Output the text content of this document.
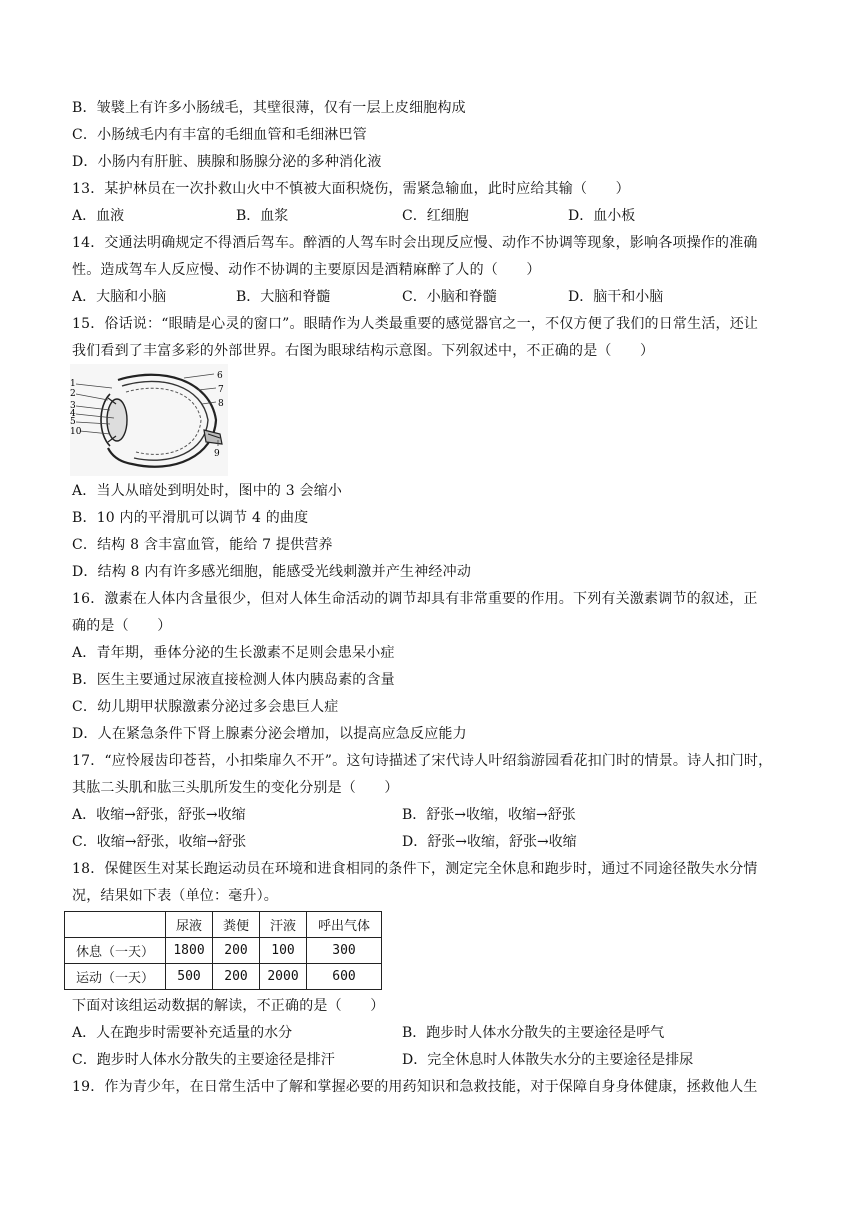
B．皱襞上有许多小肠绒毛，其壁很薄，仅有一层上皮细胞构成
C．小肠绒毛内有丰富的毛细血管和毛细淋巴管
D．小肠内有肝脏、胰腺和肠腺分泌的多种消化液
13．某护林员在一次扑救山火中不慎被大面积烧伤，需紧急输血，此时应给其输（　　）
A．血液	B．血浆	C．红细胞	D．血小板
14．交通法明确规定不得酒后驾车。醉酒的人驾车时会出现反应慢、动作不协调等现象，影响各项操作的准确
性。造成驾车人反应慢、动作不协调的主要原因是酒精麻醉了人的（　　）
A．大脑和小脑	B．大脑和脊髓	C．小脑和脊髓	D．脑干和小脑
15．俗话说：“眼睛是心灵的窗口”。眼睛作为人类最重要的感觉器官之一，不仅方便了我们的日常生活，还让
我们看到了丰富多彩的外部世界。右图为眼球结构示意图。下列叙述中，不正确的是（　　）
1
2
3
4
5
10
6
7
8
9
A．当人从暗处到明处时，图中的 3 会缩小
B．10 内的平滑肌可以调节 4 的曲度
C．结构 8 含丰富血管，能给 7 提供营养
D．结构 8 内有许多感光细胞，能感受光线刺激并产生神经冲动
16．激素在人体内含量很少，但对人体生命活动的调节却具有非常重要的作用。下列有关激素调节的叙述，正
确的是（　　）
A．青年期，垂体分泌的生长激素不足则会患呆小症
B．医生主要通过尿液直接检测人体内胰岛素的含量
C．幼儿期甲状腺激素分泌过多会患巨人症
D．人在紧急条件下肾上腺素分泌会增加，以提高应急反应能力
17．“应怜屐齿印苍苔，小扣柴扉久不开”。这句诗描述了宋代诗人叶绍翁游园看花扣门时的情景。诗人扣门时，
其肱二头肌和肱三头肌所发生的变化分别是（　　）
A．收缩→舒张，舒张→收缩	B．舒张→收缩，收缩→舒张
C．收缩→舒张，收缩→舒张	D．舒张→收缩，舒张→收缩
18．保健医生对某长跑运动员在环境和进食相同的条件下，测定完全休息和跑步时，通过不同途径散失水分情
况，结果如下表（单位：毫升）。
	尿液	粪便	汗液	呼出气体
休息（一天）	1800	200	100	300
运动（一天）	500	200	2000	600
下面对该组运动数据的解读，不正确的是（　　）
A．人在跑步时需要补充适量的水分	B．跑步时人体水分散失的主要途径是呼气
C．跑步时人体水分散失的主要途径是排汗	D．完全休息时人体散失水分的主要途径是排尿
19．作为青少年，在日常生活中了解和掌握必要的用药知识和急救技能，对于保障自身身体健康，拯救他人生
